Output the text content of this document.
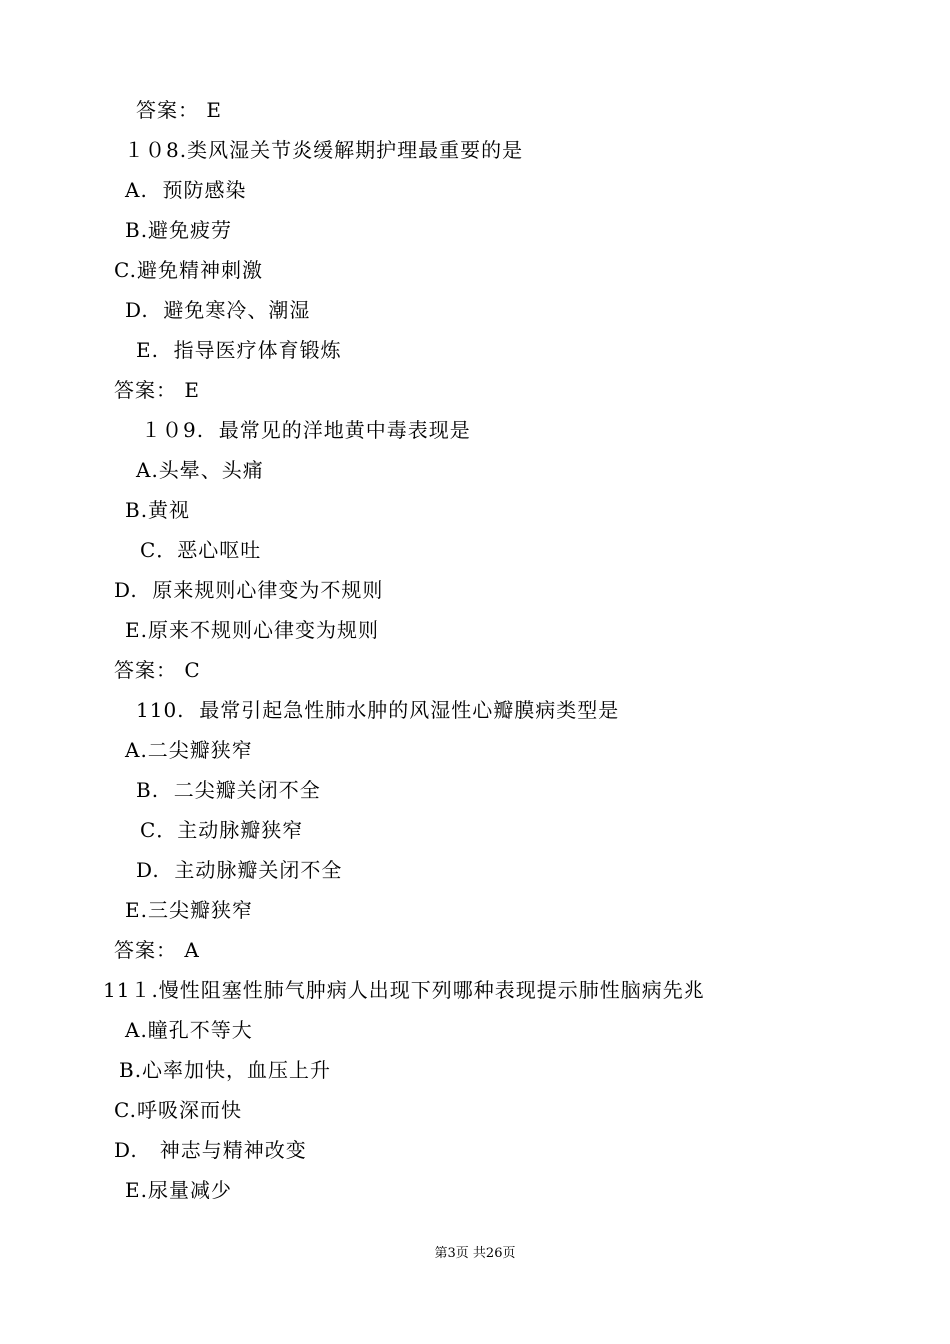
答案： E
１０8.类风湿关节炎缓解期护理最重要的是
A.  预防感染
B.避免疲劳
C.避免精神刺激
D.  避免寒冷、潮湿
E.  指导医疗体育锻炼
答案： E
１０9.  最常见的洋地黄中毒表现是
A.头晕、头痛
B.黄视
C．恶心呕吐
D.  原来规则心律变为不规则
E.原来不规则心律变为规则
答案： C
110.  最常引起急性肺水肿的风湿性心瓣膜病类型是
A.二尖瓣狭窄
B.  二尖瓣关闭不全
C．主动脉瓣狭窄
D.  主动脉瓣关闭不全
E.三尖瓣狭窄
答案： A
11１.慢性阻塞性肺气肿病人出现下列哪种表现提示肺性脑病先兆
A.瞳孔不等大
B.心率加快，血压上升
C.呼吸深而快
D.   神志与精神改变
E.尿量减少
第3页 共26页
